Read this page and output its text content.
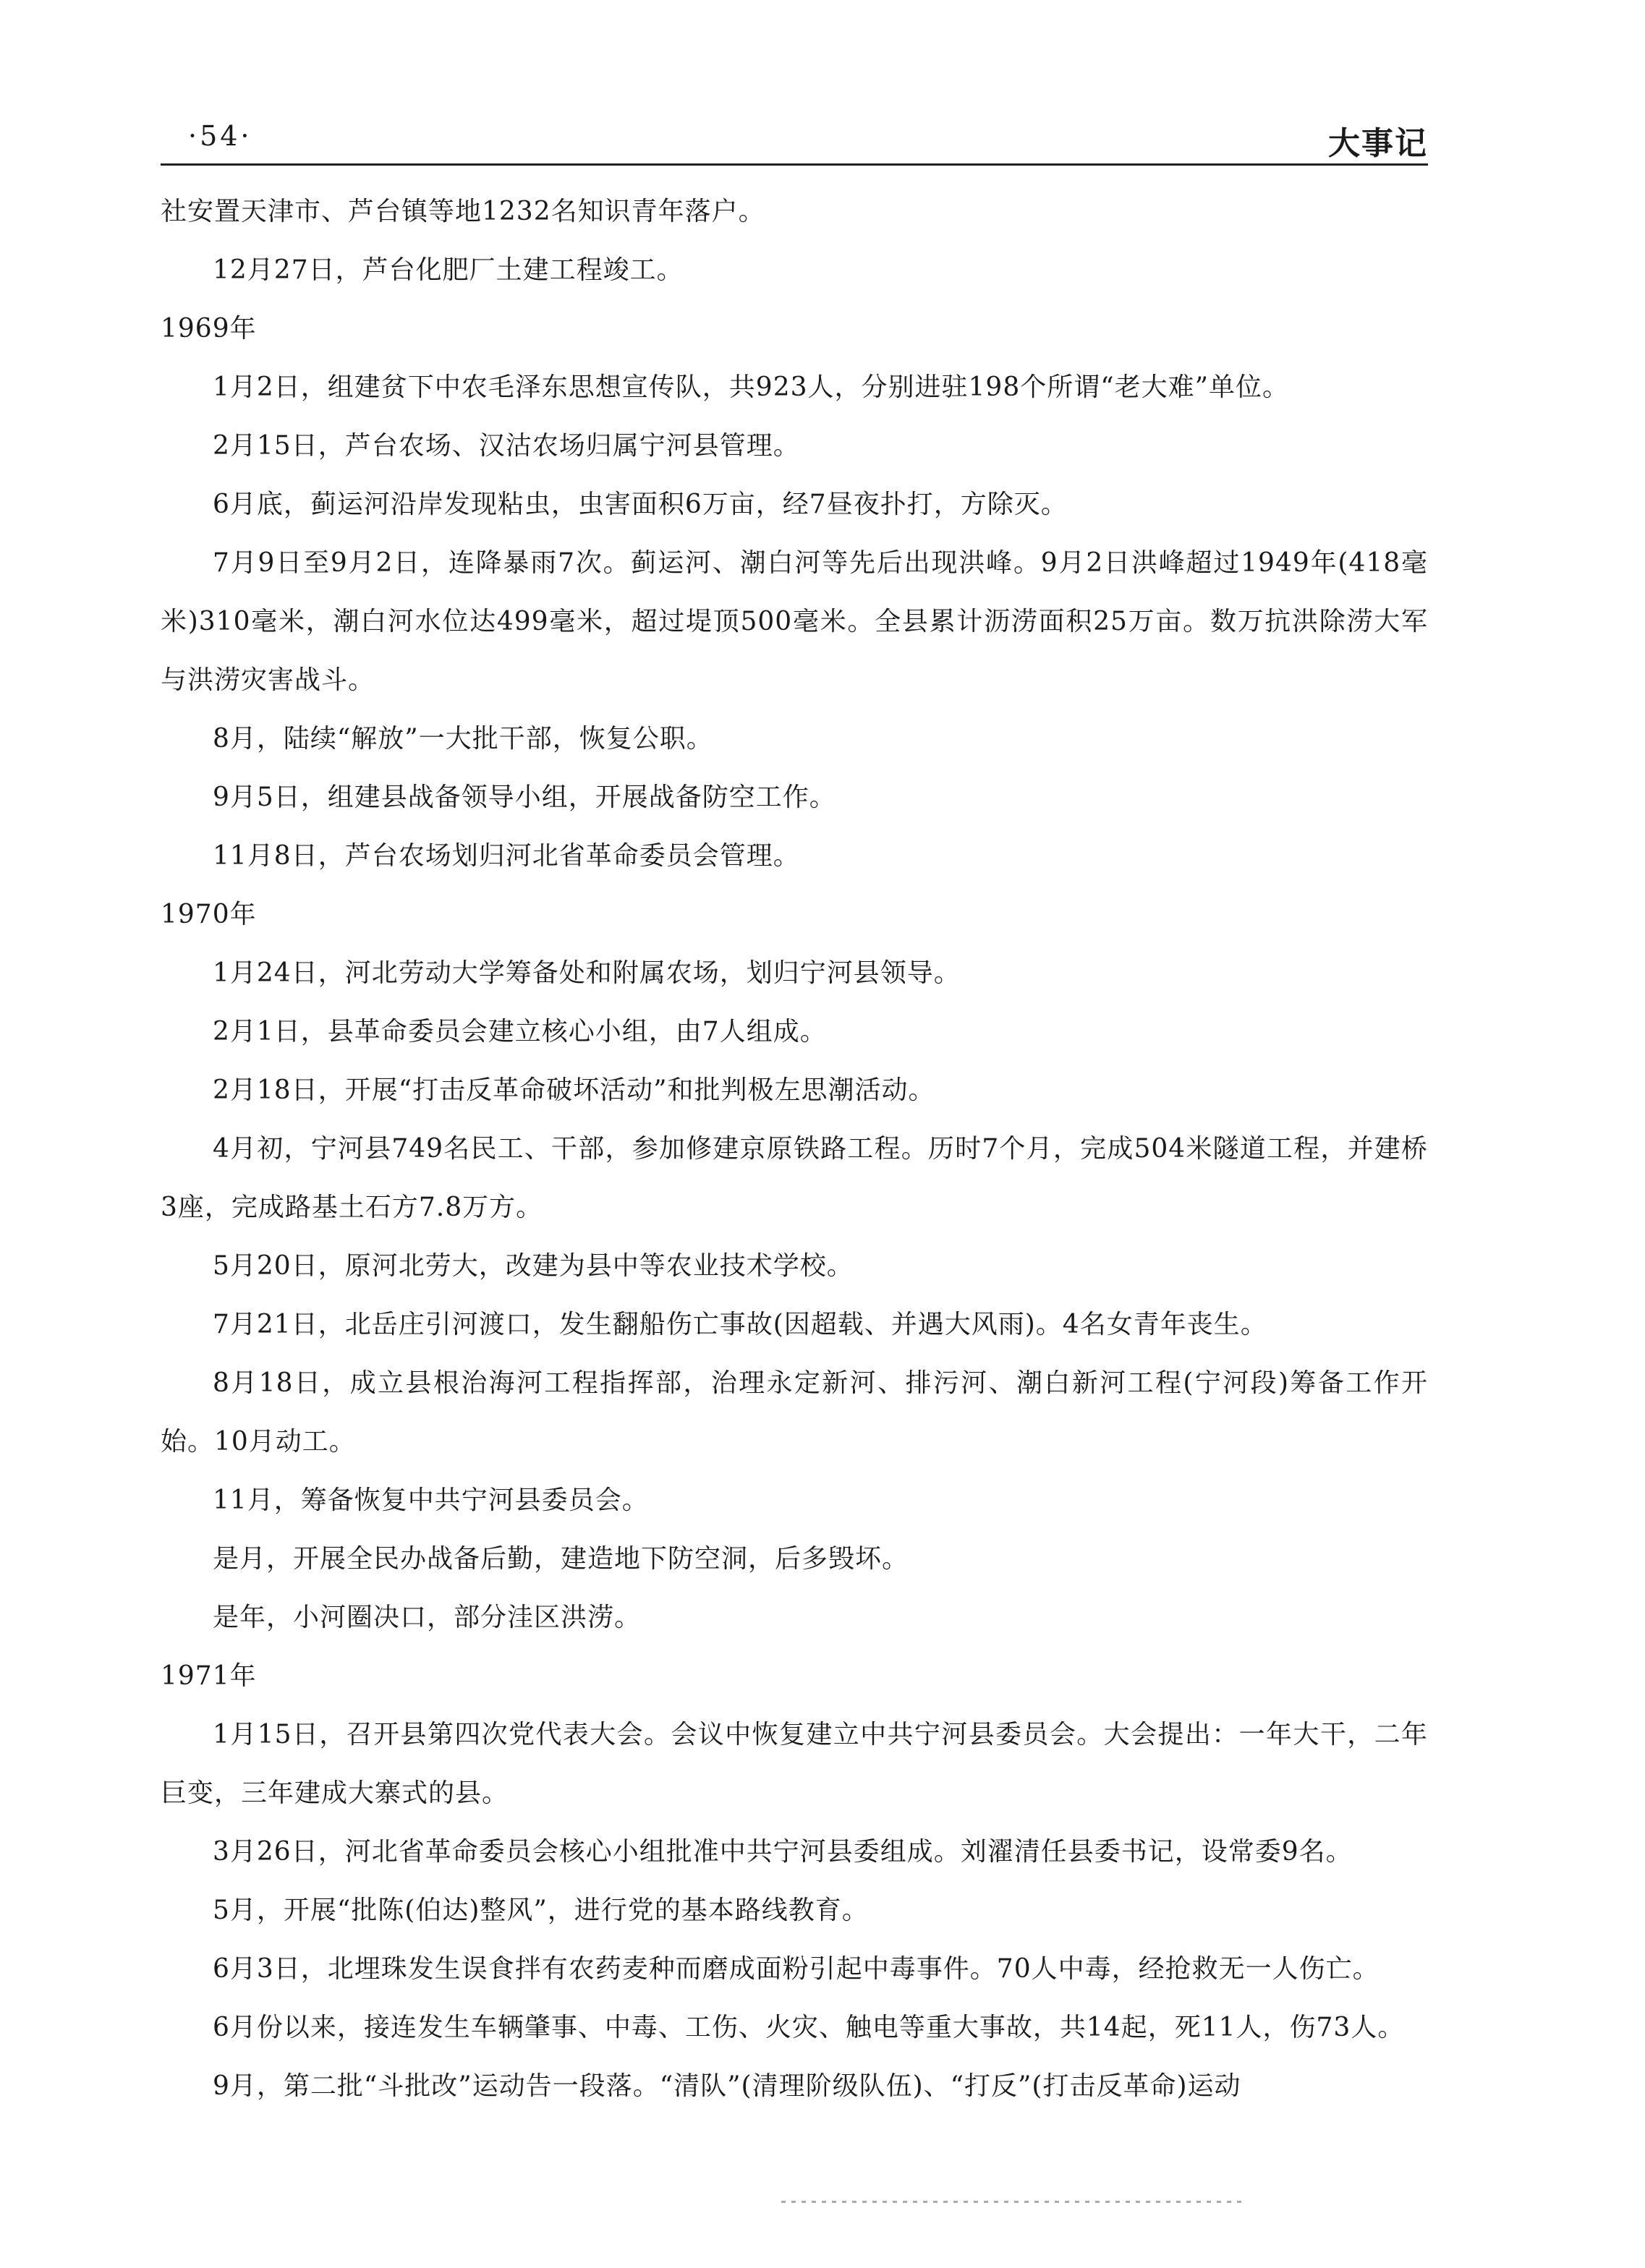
·54·	大事记

社安置天津市、芦台镇等地1232名知识青年落户。

12月27日，芦台化肥厂土建工程竣工。

1969年

1月2日，组建贫下中农毛泽东思想宣传队，共923人，分别进驻198个所谓“老大难”单位。

2月15日，芦台农场、汉沽农场归属宁河县管理。

6月底，蓟运河沿岸发现粘虫，虫害面积6万亩，经7昼夜扑打，方除灭。

7月9日至9月2日，连降暴雨7次。蓟运河、潮白河等先后出现洪峰。9月2日洪峰超过1949年(418毫米)310毫米，潮白河水位达499毫米，超过堤顶500毫米。全县累计沥涝面积25万亩。数万抗洪除涝大军与洪涝灾害战斗。

8月，陆续“解放”一大批干部，恢复公职。

9月5日，组建县战备领导小组，开展战备防空工作。

11月8日，芦台农场划归河北省革命委员会管理。

1970年

1月24日，河北劳动大学筹备处和附属农场，划归宁河县领导。

2月1日，县革命委员会建立核心小组，由7人组成。

2月18日，开展“打击反革命破坏活动”和批判极左思潮活动。

4月初，宁河县749名民工、干部，参加修建京原铁路工程。历时7个月，完成504米隧道工程，并建桥3座，完成路基土石方7.8万方。

5月20日，原河北劳大，改建为县中等农业技术学校。

7月21日，北岳庄引河渡口，发生翻船伤亡事故(因超载、并遇大风雨)。4名女青年丧生。

8月18日，成立县根治海河工程指挥部，治理永定新河、排污河、潮白新河工程(宁河段)筹备工作开始。10月动工。

11月，筹备恢复中共宁河县委员会。

是月，开展全民办战备后勤，建造地下防空洞，后多毁坏。

是年，小河圈决口，部分洼区洪涝。

1971年

1月15日，召开县第四次党代表大会。会议中恢复建立中共宁河县委员会。大会提出：一年大干，二年巨变，三年建成大寨式的县。

3月26日，河北省革命委员会核心小组批准中共宁河县委组成。刘濯清任县委书记，设常委9名。

5月，开展“批陈(伯达)整风”，进行党的基本路线教育。

6月3日，北埋珠发生误食拌有农药麦种而磨成面粉引起中毒事件。70人中毒，经抢救无一人伤亡。

6月份以来，接连发生车辆肇事、中毒、工伤、火灾、触电等重大事故，共14起，死11人，伤73人。

9月，第二批“斗批改”运动告一段落。“清队”(清理阶级队伍)、“打反”(打击反革命)运动
